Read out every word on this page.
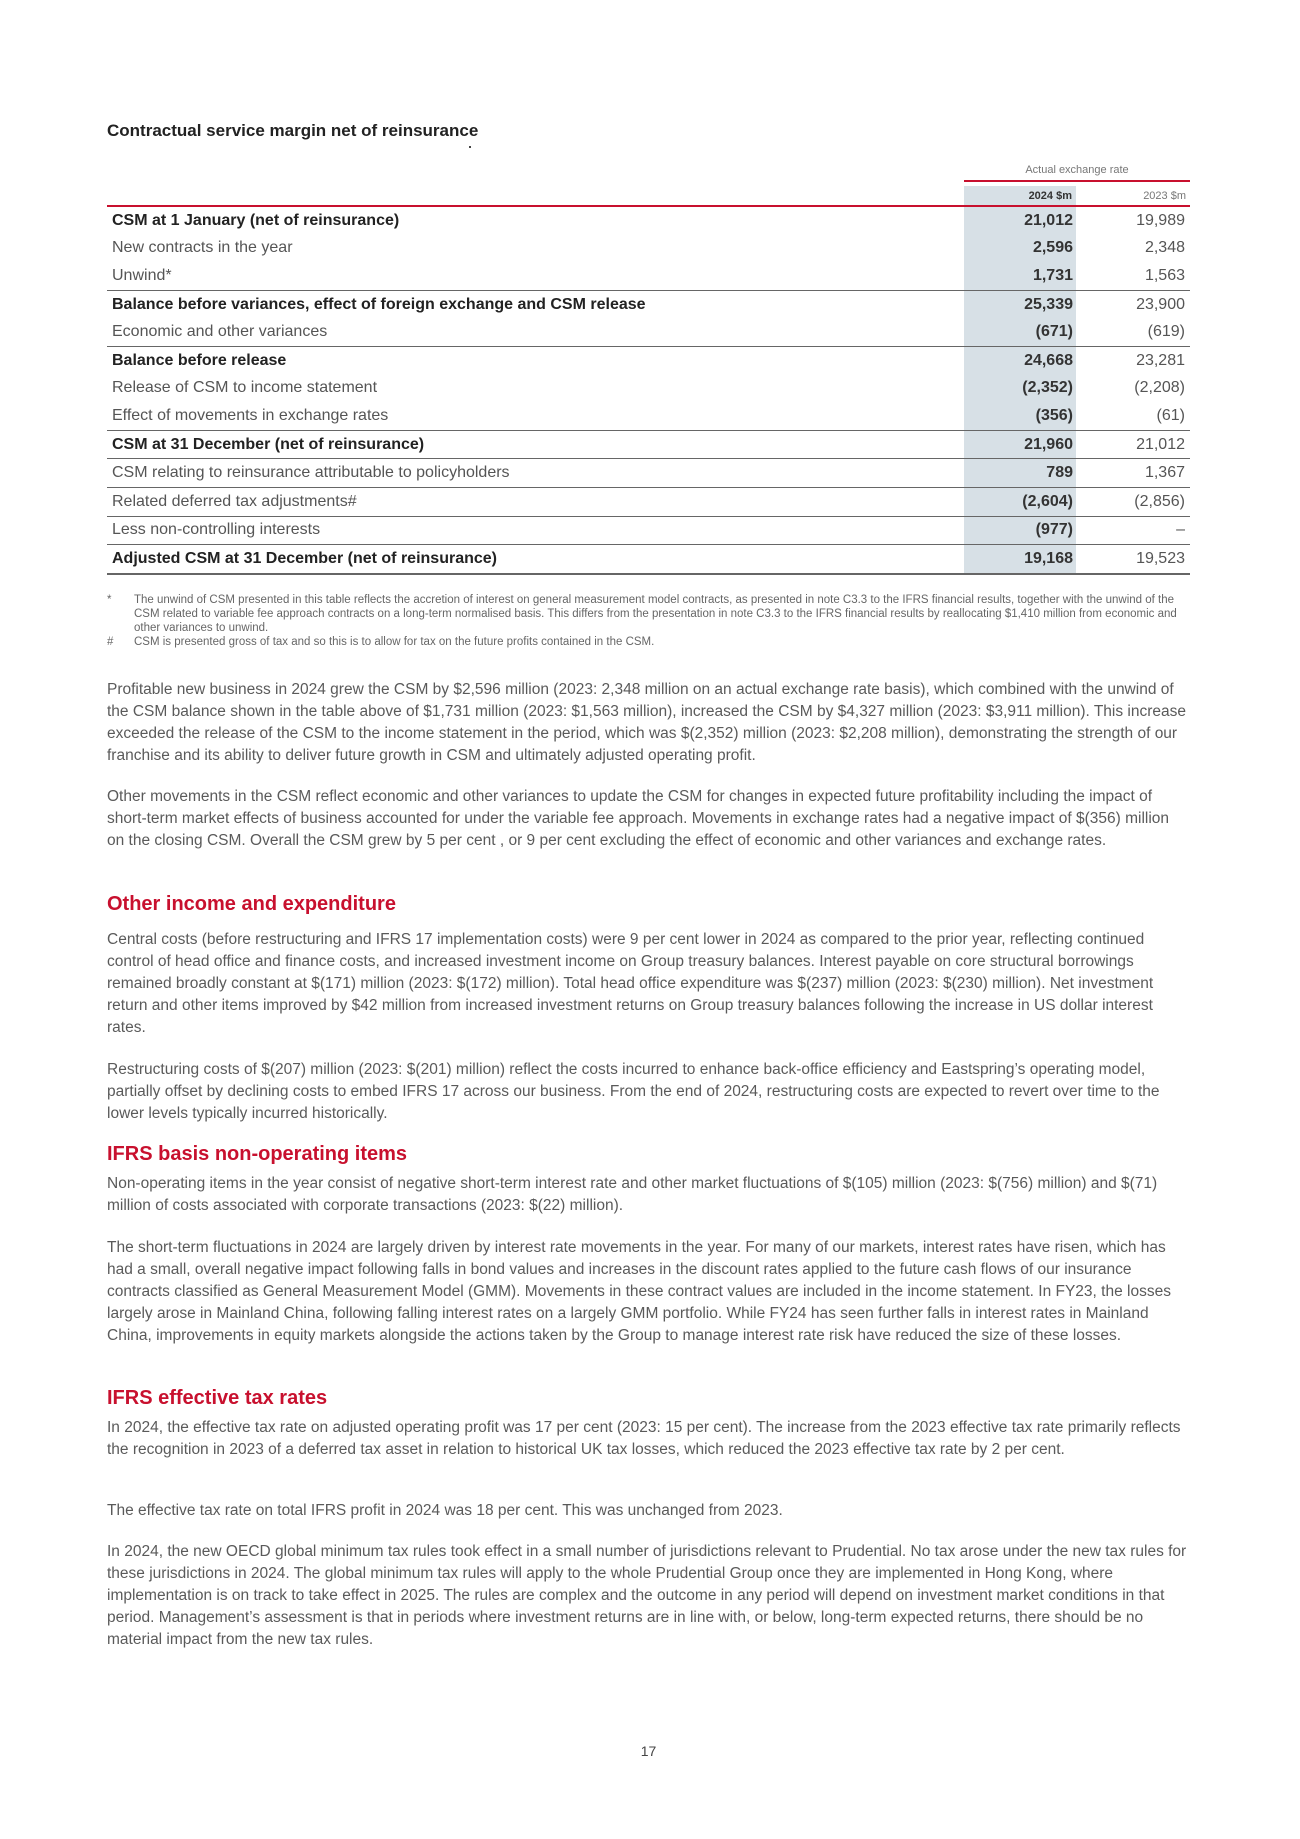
Contractual service margin net of reinsurance
Actual exchange rate
2024 $m	2023 $m
CSM at 1 January (net of reinsurance)	21,012	19,989
New contracts in the year	2,596	2,348
Unwind*	1,731	1,563
Balance before variances, effect of foreign exchange and CSM release	25,339	23,900
Economic and other variances	(671)	(619)
Balance before release	24,668	23,281
Release of CSM to income statement	(2,352)	(2,208)
Effect of movements in exchange rates	(356)	(61)
CSM at 31 December (net of reinsurance)	21,960	21,012
CSM relating to reinsurance attributable to policyholders	789	1,367
Related deferred tax adjustments#	(2,604)	(2,856)
Less non-controlling interests	(977)	–
Adjusted CSM at 31 December (net of reinsurance)	19,168	19,523
* The unwind of CSM presented in this table reflects the accretion of interest on general measurement model contracts, as presented in note C3.3 to the IFRS financial results, together with the unwind of the CSM related to variable fee approach contracts on a long-term normalised basis. This differs from the presentation in note C3.3 to the IFRS financial results by reallocating $1,410 million from economic and other variances to unwind.
# CSM is presented gross of tax and so this is to allow for tax on the future profits contained in the CSM.

Profitable new business in 2024 grew the CSM by $2,596 million (2023: 2,348 million on an actual exchange rate basis), which combined with the unwind of the CSM balance shown in the table above of $1,731 million (2023: $1,563 million), increased the CSM by $4,327 million (2023: $3,911 million). This increase exceeded the release of the CSM to the income statement in the period, which was $(2,352) million (2023: $2,208 million), demonstrating the strength of our franchise and its ability to deliver future growth in CSM and ultimately adjusted operating profit.

Other movements in the CSM reflect economic and other variances to update the CSM for changes in expected future profitability including the impact of short-term market effects of business accounted for under the variable fee approach. Movements in exchange rates had a negative impact of $(356) million on the closing CSM. Overall the CSM grew by 5 per cent , or 9 per cent excluding the effect of economic and other variances and exchange rates.

Other income and expenditure

Central costs (before restructuring and IFRS 17 implementation costs) were 9 per cent lower in 2024 as compared to the prior year, reflecting continued control of head office and finance costs, and increased investment income on Group treasury balances. Interest payable on core structural borrowings remained broadly constant at $(171) million (2023: $(172) million). Total head office expenditure was $(237) million (2023: $(230) million). Net investment return and other items improved by $42 million from increased investment returns on Group treasury balances following the increase in US dollar interest rates.

Restructuring costs of $(207) million (2023: $(201) million) reflect the costs incurred to enhance back-office efficiency and Eastspring’s operating model, partially offset by declining costs to embed IFRS 17 across our business. From the end of 2024, restructuring costs are expected to revert over time to the lower levels typically incurred historically.

IFRS basis non-operating items

Non-operating items in the year consist of negative short-term interest rate and other market fluctuations of $(105) million (2023: $(756) million) and $(71) million of costs associated with corporate transactions (2023: $(22) million).

The short-term fluctuations in 2024 are largely driven by interest rate movements in the year. For many of our markets, interest rates have risen, which has had a small, overall negative impact following falls in bond values and increases in the discount rates applied to the future cash flows of our insurance contracts classified as General Measurement Model (GMM). Movements in these contract values are included in the income statement. In FY23, the losses largely arose in Mainland China, following falling interest rates on a largely GMM portfolio. While FY24 has seen further falls in interest rates in Mainland China, improvements in equity markets alongside the actions taken by the Group to manage interest rate risk have reduced the size of these losses.

IFRS effective tax rates

In 2024, the effective tax rate on adjusted operating profit was 17 per cent (2023: 15 per cent). The increase from the 2023 effective tax rate primarily reflects the recognition in 2023 of a deferred tax asset in relation to historical UK tax losses, which reduced the 2023 effective tax rate by 2 per cent.

The effective tax rate on total IFRS profit in 2024 was 18 per cent. This was unchanged from 2023.

In 2024, the new OECD global minimum tax rules took effect in a small number of jurisdictions relevant to Prudential. No tax arose under the new tax rules for these jurisdictions in 2024. The global minimum tax rules will apply to the whole Prudential Group once they are implemented in Hong Kong, where implementation is on track to take effect in 2025. The rules are complex and the outcome in any period will depend on investment market conditions in that period. Management’s assessment is that in periods where investment returns are in line with, or below, long-term expected returns, there should be no material impact from the new tax rules.

17
